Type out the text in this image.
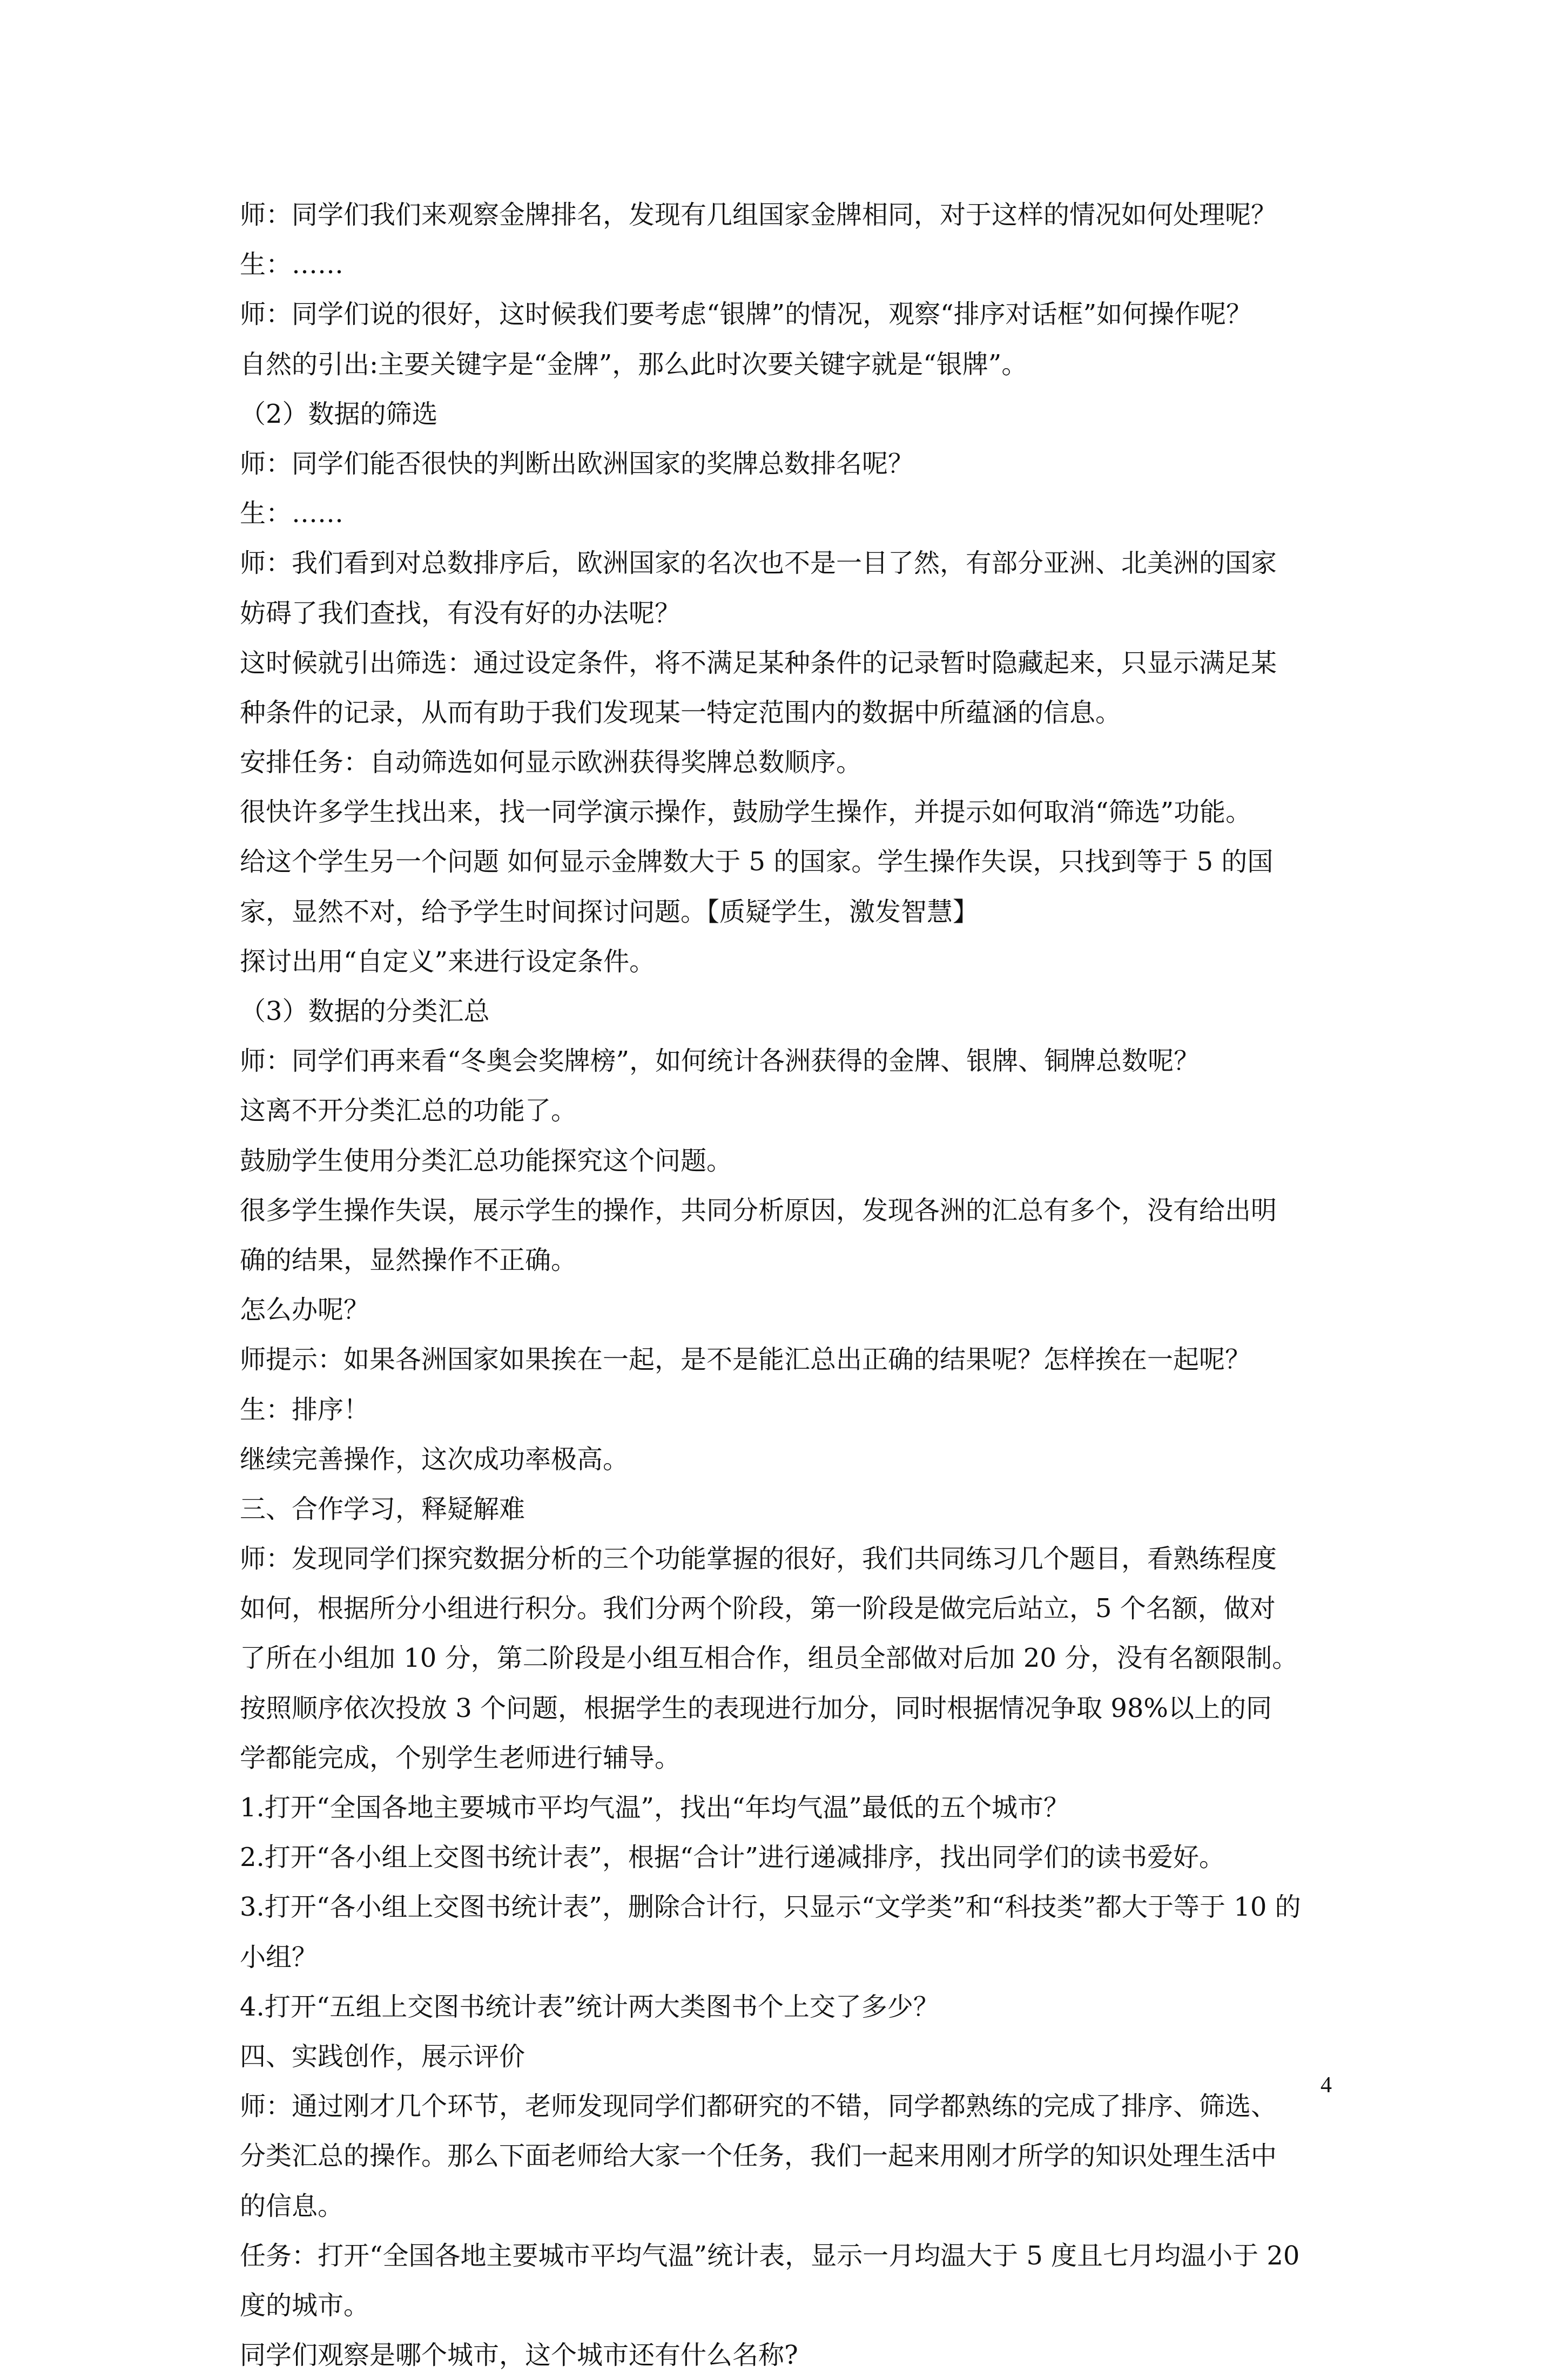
师：同学们我们来观察金牌排名，发现有几组国家金牌相同，对于这样的情况如何处理呢？
生：……
师：同学们说的很好，这时候我们要考虑“银牌”的情况，观察“排序对话框”如何操作呢？
自然的引出:主要关键字是“金牌”，那么此时次要关键字就是“银牌”。
（2）数据的筛选
师：同学们能否很快的判断出欧洲国家的奖牌总数排名呢？
生：……
师：我们看到对总数排序后，欧洲国家的名次也不是一目了然，有部分亚洲、北美洲的国家
妨碍了我们查找，有没有好的办法呢？
这时候就引出筛选：通过设定条件，将不满足某种条件的记录暂时隐藏起来，只显示满足某
种条件的记录，从而有助于我们发现某一特定范围内的数据中所蕴涵的信息。
安排任务：自动筛选如何显示欧洲获得奖牌总数顺序。
很快许多学生找出来，找一同学演示操作，鼓励学生操作，并提示如何取消“筛选”功能。
给这个学生另一个问题 如何显示金牌数大于 5 的国家。学生操作失误，只找到等于 5 的国
家，显然不对，给予学生时间探讨问题。【质疑学生，激发智慧】
探讨出用“自定义”来进行设定条件。
（3）数据的分类汇总
师：同学们再来看“冬奥会奖牌榜”，如何统计各洲获得的金牌、银牌、铜牌总数呢？
这离不开分类汇总的功能了。
鼓励学生使用分类汇总功能探究这个问题。
很多学生操作失误，展示学生的操作，共同分析原因，发现各洲的汇总有多个，没有给出明
确的结果，显然操作不正确。
怎么办呢？
师提示：如果各洲国家如果挨在一起，是不是能汇总出正确的结果呢？怎样挨在一起呢？
生：排序！
继续完善操作，这次成功率极高。
三、合作学习，释疑解难
师：发现同学们探究数据分析的三个功能掌握的很好，我们共同练习几个题目，看熟练程度
如何，根据所分小组进行积分。我们分两个阶段，第一阶段是做完后站立，5 个名额，做对
了所在小组加 10 分，第二阶段是小组互相合作，组员全部做对后加 20 分，没有名额限制。
按照顺序依次投放 3 个问题，根据学生的表现进行加分，同时根据情况争取 98%以上的同
学都能完成，个别学生老师进行辅导。
1.打开“全国各地主要城市平均气温”，找出“年均气温”最低的五个城市？
2.打开“各小组上交图书统计表”，根据“合计”进行递减排序，找出同学们的读书爱好。
3.打开“各小组上交图书统计表”，删除合计行，只显示“文学类”和“科技类”都大于等于 10 的
小组？
4.打开“五组上交图书统计表”统计两大类图书个上交了多少？
四、实践创作，展示评价
师：通过刚才几个环节，老师发现同学们都研究的不错，同学都熟练的完成了排序、筛选、
分类汇总的操作。那么下面老师给大家一个任务，我们一起来用刚才所学的知识处理生活中
的信息。
任务：打开“全国各地主要城市平均气温”统计表，显示一月均温大于 5 度且七月均温小于 20
度的城市。
同学们观察是哪个城市，这个城市还有什么名称?
4
